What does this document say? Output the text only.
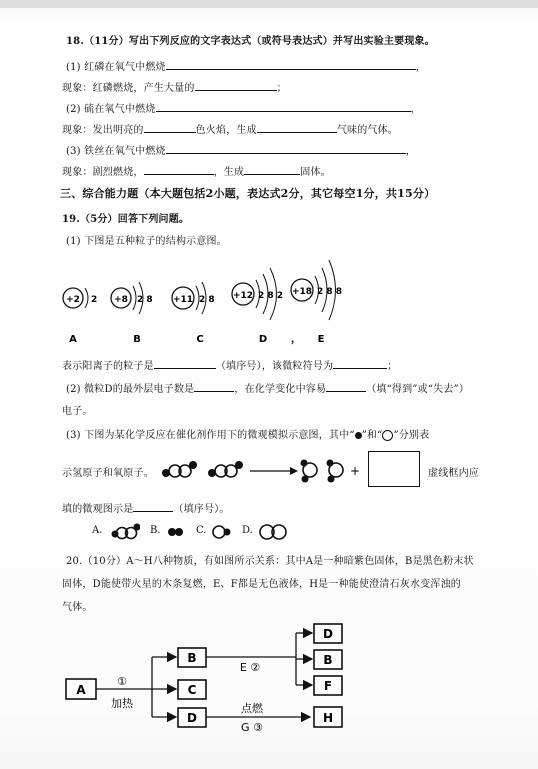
18.（11分）写出下列反应的文字表达式（或符号表达式）并写出实验主要现象。
(1) 红磷在氧气中燃烧	，
现象：红磷燃烧，产生大量的	；
(2) 硫在氧气中燃烧	，
现象：发出明亮的	色火焰，生成	气味的气体。
(3) 铁丝在氧气中燃烧	，
现象：剧烈燃烧，	，生成	固体。
三、综合能力题（本大题包括2小题，表达式2分，其它每空1分，共15分）
19.（5分）回答下列问题。
(1) 下图是五种粒子的结构示意图。
+2 2
A
+8 2 8
B
+11 2 8
C
+12 2 8 2
D ，
+18 2 8 8
E
表示阳离子的粒子是	（填序号），该微粒符号为	；
(2) 微粒D的最外层电子数是	，在化学变化中容易	（填“得到”或“失去”）
电子。
(3) 下图为某化学反应在催化剂作用下的微观模拟示意图，其中“ ”和“ ”分别表
示氢原子和氧原子。	+	虚线框内应
填的微观图示是	（填序号）。
A.	B.	C.	D.
20.（10分）A～H八种物质，有如图所示关系：其中A是一种暗紫色固体，B是黑色粉末状
固体，D能使带火星的木条复燃，E、F都是无色液体，H是一种能使澄清石灰水变浑浊的
气体。
A
①
加热
B
C
D
E ②
D
B
F
点燃
G ③
H
